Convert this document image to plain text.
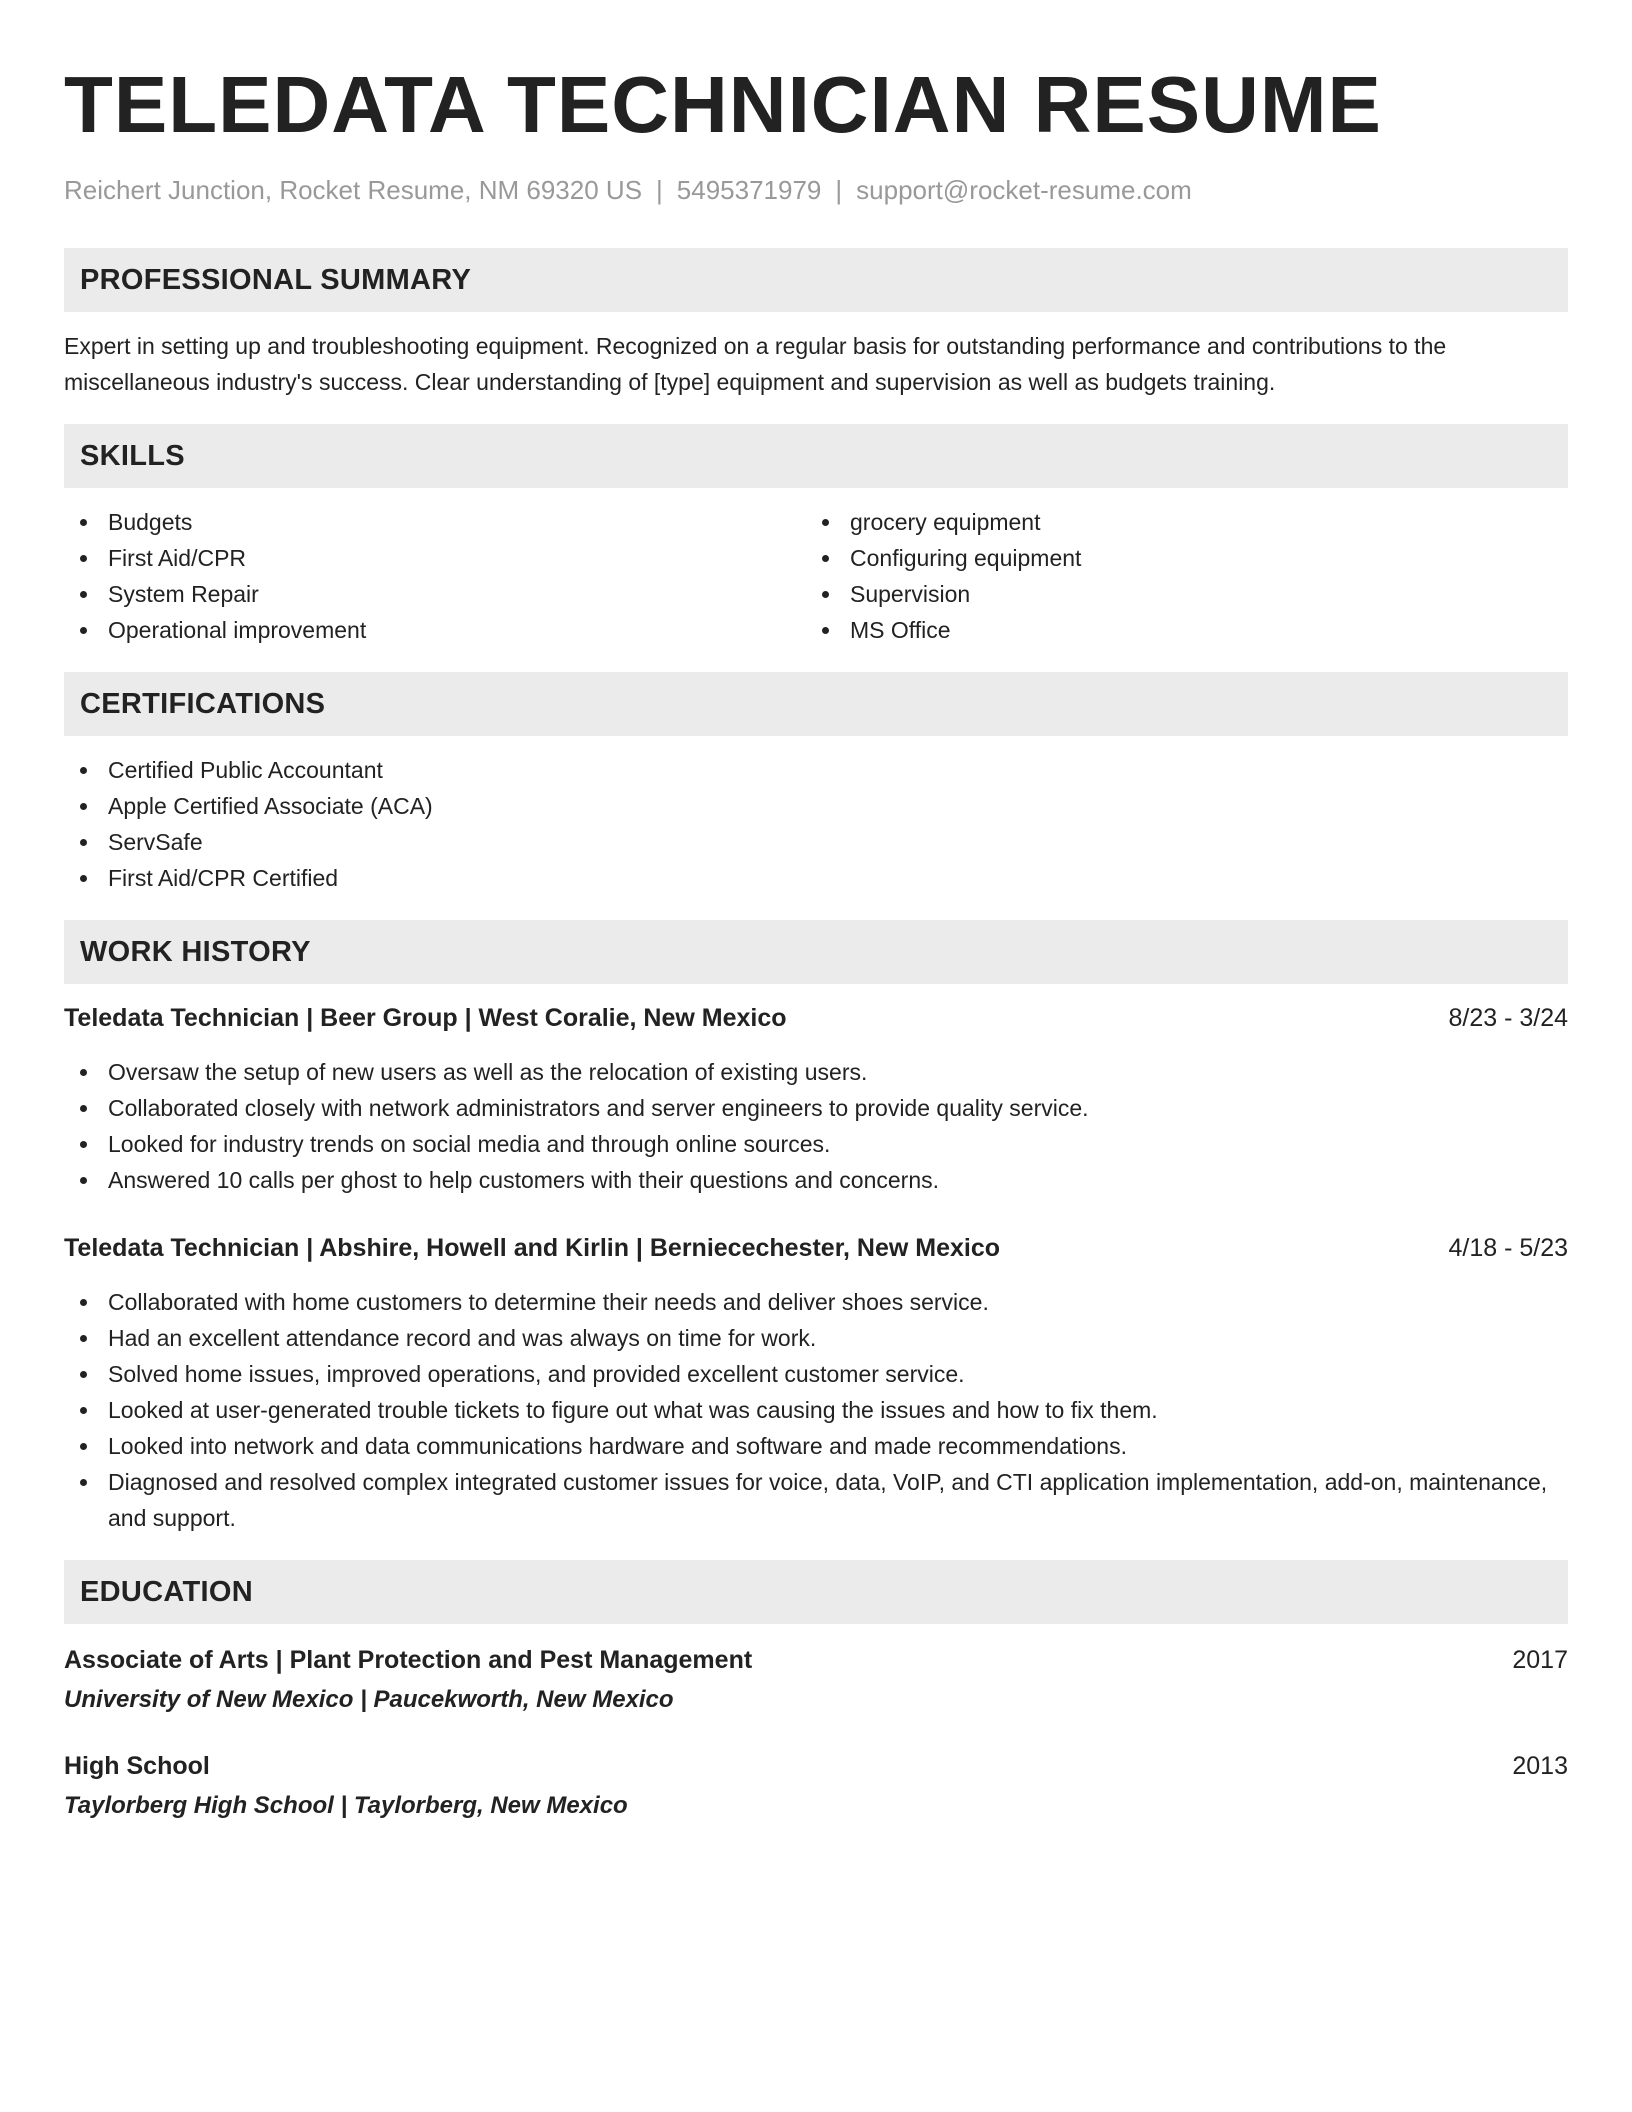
TELEDATA TECHNICIAN RESUME
Reichert Junction, Rocket Resume, NM 69320 US | 5495371979 | support@rocket-resume.com
PROFESSIONAL SUMMARY
Expert in setting up and troubleshooting equipment. Recognized on a regular basis for outstanding performance and contributions to the miscellaneous industry's success. Clear understanding of [type] equipment and supervision as well as budgets training.
SKILLS
Budgets
First Aid/CPR
System Repair
Operational improvement
grocery equipment
Configuring equipment
Supervision
MS Office
CERTIFICATIONS
Certified Public Accountant
Apple Certified Associate (ACA)
ServSafe
First Aid/CPR Certified
WORK HISTORY
Teledata Technician | Beer Group | West Coralie, New Mexico	8/23 - 3/24
Oversaw the setup of new users as well as the relocation of existing users.
Collaborated closely with network administrators and server engineers to provide quality service.
Looked for industry trends on social media and through online sources.
Answered 10 calls per ghost to help customers with their questions and concerns.
Teledata Technician | Abshire, Howell and Kirlin | Berniecechester, New Mexico	4/18 - 5/23
Collaborated with home customers to determine their needs and deliver shoes service.
Had an excellent attendance record and was always on time for work.
Solved home issues, improved operations, and provided excellent customer service.
Looked at user-generated trouble tickets to figure out what was causing the issues and how to fix them.
Looked into network and data communications hardware and software and made recommendations.
Diagnosed and resolved complex integrated customer issues for voice, data, VoIP, and CTI application implementation, add-on, maintenance, and support.
EDUCATION
Associate of Arts | Plant Protection and Pest Management	2017
University of New Mexico | Paucekworth, New Mexico
High School	2013
Taylorberg High School | Taylorberg, New Mexico
